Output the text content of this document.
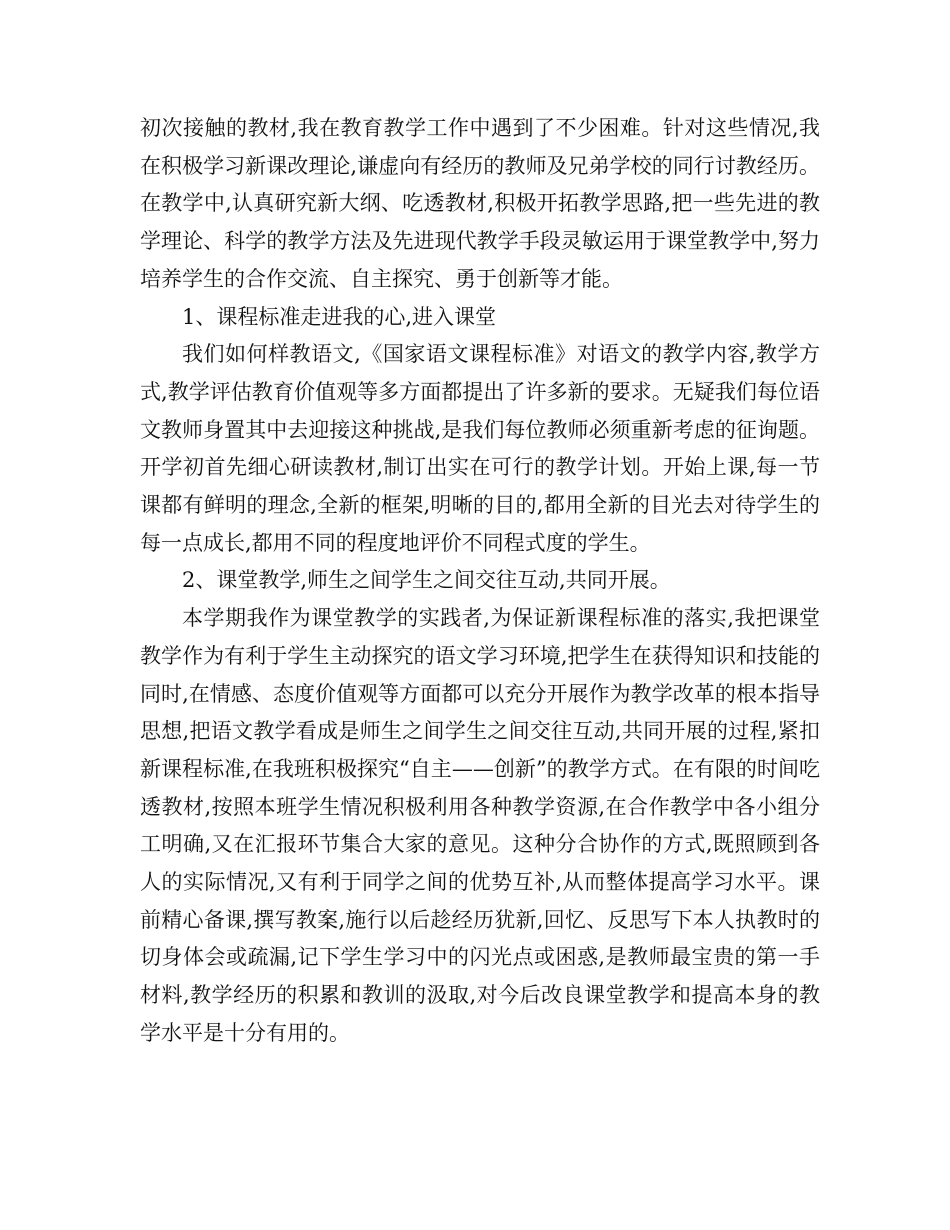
初次接触的教材,我在教育教学工作中遇到了不少困难。针对这些情况,我在积极学习新课改理论,谦虚向有经历的教师及兄弟学校的同行讨教经历。在教学中,认真研究新大纲、吃透教材,积极开拓教学思路,把一些先进的教学理论、科学的教学方法及先进现代教学手段灵敏运用于课堂教学中,努力培养学生的合作交流、自主探究、勇于创新等才能。

1、课程标准走进我的心,进入课堂

我们如何样教语文,《国家语文课程标准》对语文的教学内容,教学方式,教学评估教育价值观等多方面都提出了许多新的要求。无疑我们每位语文教师身置其中去迎接这种挑战,是我们每位教师必须重新考虑的征询题。开学初首先细心研读教材,制订出实在可行的教学计划。开始上课,每一节课都有鲜明的理念,全新的框架,明晰的目的,都用全新的目光去对待学生的每一点成长,都用不同的程度地评价不同程式度的学生。

2、课堂教学,师生之间学生之间交往互动,共同开展。

本学期我作为课堂教学的实践者,为保证新课程标准的落实,我把课堂教学作为有利于学生主动探究的语文学习环境,把学生在获得知识和技能的同时,在情感、态度价值观等方面都可以充分开展作为教学改革的根本指导思想,把语文教学看成是师生之间学生之间交往互动,共同开展的过程,紧扣新课程标准,在我班积极探究“自主——创新”的教学方式。在有限的时间吃透教材,按照本班学生情况积极利用各种教学资源,在合作教学中各小组分工明确,又在汇报环节集合大家的意见。这种分合协作的方式,既照顾到各人的实际情况,又有利于同学之间的优势互补,从而整体提高学习水平。课前精心备课,撰写教案,施行以后趁经历犹新,回忆、反思写下本人执教时的切身体会或疏漏,记下学生学习中的闪光点或困惑,是教师最宝贵的第一手材料,教学经历的积累和教训的汲取,对今后改良课堂教学和提高本身的教学水平是十分有用的。
